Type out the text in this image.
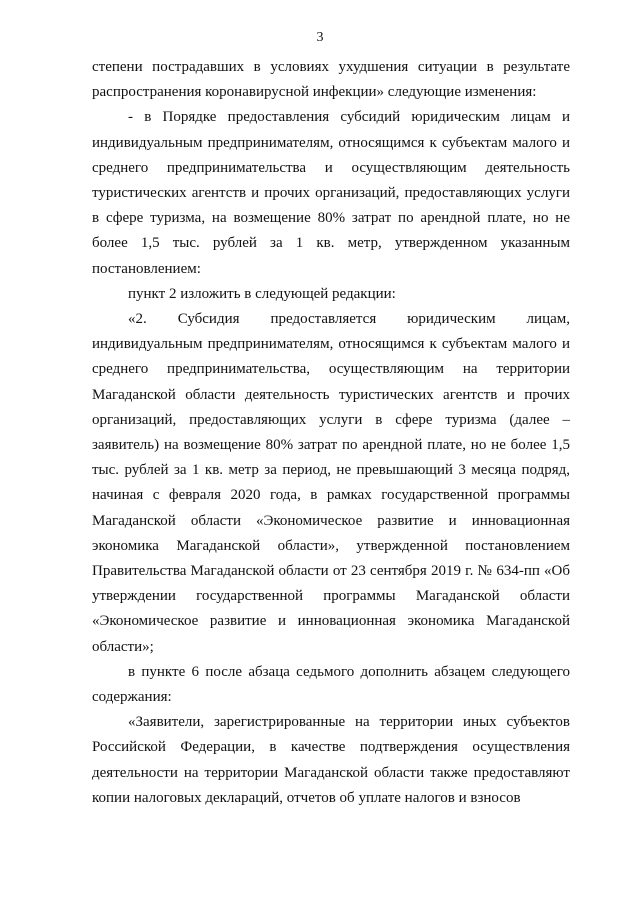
3

степени пострадавших в условиях ухудшения ситуации в результате распространения коронавирусной инфекции» следующие изменения:

- в Порядке предоставления субсидий юридическим лицам и индивидуальным предпринимателям, относящимся к субъектам малого и среднего предпринимательства и осуществляющим деятельность туристических агентств и прочих организаций, предоставляющих услуги в сфере туризма, на возмещение 80% затрат по арендной плате, но не более 1,5 тыс. рублей за 1 кв. метр, утвержденном указанным постановлением:

пункт 2 изложить в следующей редакции:

«2. Субсидия предоставляется юридическим лицам, индивидуальным предпринимателям, относящимся к субъектам малого и среднего предпринимательства, осуществляющим на территории Магаданской области деятельность туристических агентств и прочих организаций, предоставляющих услуги в сфере туризма (далее – заявитель) на возмещение 80% затрат по арендной плате, но не более 1,5 тыс. рублей за 1 кв. метр за период, не превышающий 3 месяца подряд, начиная с февраля 2020 года, в рамках государственной программы Магаданской области «Экономическое развитие и инновационная экономика Магаданской области», утвержденной постановлением Правительства Магаданской области от 23 сентября 2019 г. № 634-пп «Об утверждении государственной программы Магаданской области «Экономическое развитие и инновационная экономика Магаданской области»;

в пункте 6 после абзаца седьмого дополнить абзацем следующего содержания:

«Заявители, зарегистрированные на территории иных субъектов Российской Федерации, в качестве подтверждения осуществления деятельности на территории Магаданской области также предоставляют копии налоговых деклараций, отчетов об уплате налогов и взносов
